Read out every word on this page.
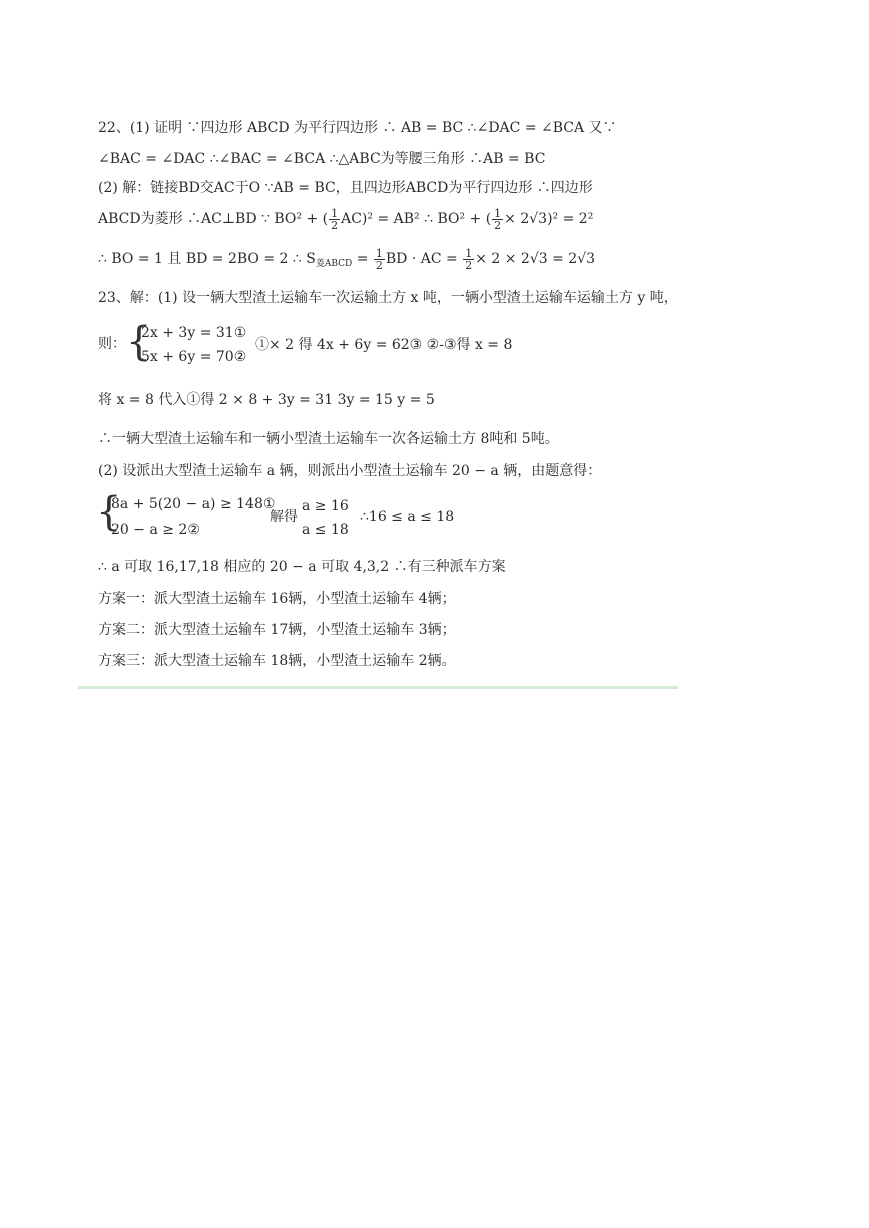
22、(1) 证明 ∵四边形 ABCD 为平行四边形 ∴ AB = BC ∴∠DAC = ∠BCA 又∵
∠BAC = ∠DAC ∴∠BAC = ∠BCA ∴△ABC为等腰三角形 ∴AB = BC
(2) 解：链接BD交AC于O ∵AB = BC，且四边形ABCD为平行四边形 ∴四边形
ABCD为菱形 ∴AC⊥BD ∵ BO² + ( $\frac{1}{2} AC)^2 = AB^2$ ∴ BO² + ( $\frac{1}{2} \times 2√3)^2 = 2^2$
∴ BO = 1 且 BD = 2BO = 2 ∴ $S_{菱ABCD} = \frac{1}{2}$ BD · AC = $\frac{1}{2} \times 2 \times 2√3 = 2√3$
23、解：(1) 设一辆大型渣土运输车一次运输土方 x 吨，一辆小型渣土运输车运输土方 y 吨，
则： {
2x + 3y = 31①
5x + 6y = 70②
①× 2 得 4x + 6y = 62③ ②-③得 x = 8
将 x = 8 代入①得 2 × 8 + 3y = 31 3y = 15 y = 5
∴一辆大型渣土运输车和一辆小型渣土运输车一次各运输土方 8吨和 5吨。
(2) 设派出大型渣土运输车 a 辆，则派出小型渣土运输车 20 − a 辆，由题意得：
{
8a + 5(20 − a) ≥ 148①
20 − a ≥ 2②
解得
a ≥ 16
a ≤ 18
∴16 ≤ a ≤ 18
∴ a 可取 16,17,18 相应的 20 − a 可取 4,3,2 ∴有三种派车方案
方案一：派大型渣土运输车 16辆，小型渣土运输车 4辆；
方案二：派大型渣土运输车 17辆，小型渣土运输车 3辆；
方案三：派大型渣土运输车 18辆，小型渣土运输车 2辆。
